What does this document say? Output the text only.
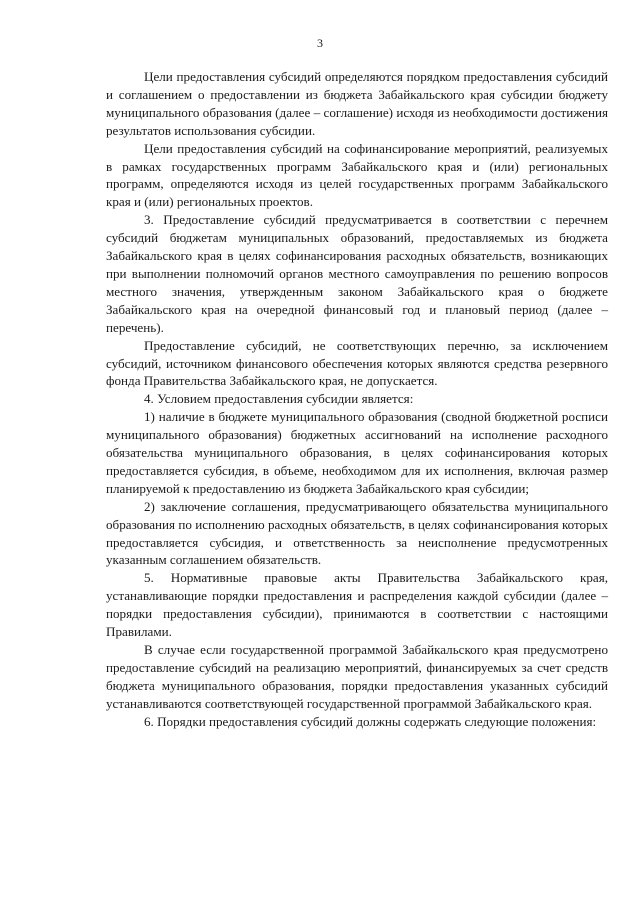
3

Цели предоставления субсидий определяются порядком предоставления субсидий и соглашением о предоставлении из бюджета Забайкальского края субсидии бюджету муниципального образования (далее – соглашение) исходя из необходимости достижения результатов использования субсидии.

Цели предоставления субсидий на софинансирование мероприятий, реализуемых в рамках государственных программ Забайкальского края и (или) региональных программ, определяются исходя из целей государственных программ Забайкальского края и (или) региональных проектов.

3. Предоставление субсидий предусматривается в соответствии с перечнем субсидий бюджетам муниципальных образований, предоставляемых из бюджета Забайкальского края в целях софинансирования расходных обязательств, возникающих при выполнении полномочий органов местного самоуправления по решению вопросов местного значения, утвержденным законом Забайкальского края о бюджете Забайкальского края на очередной финансовый год и плановый период (далее – перечень).

Предоставление субсидий, не соответствующих перечню, за исключением субсидий, источником финансового обеспечения которых являются средства резервного фонда Правительства Забайкальского края, не допускается.

4. Условием предоставления субсидии является:

1) наличие в бюджете муниципального образования (сводной бюджетной росписи муниципального образования) бюджетных ассигнований на исполнение расходного обязательства муниципального образования, в целях софинансирования которых предоставляется субсидия, в объеме, необходимом для их исполнения, включая размер планируемой к предоставлению из бюджета Забайкальского края субсидии;

2) заключение соглашения, предусматривающего обязательства муниципального образования по исполнению расходных обязательств, в целях софинансирования которых предоставляется субсидия, и ответственность за неисполнение предусмотренных указанным соглашением обязательств.

5. Нормативные правовые акты Правительства Забайкальского края, устанавливающие порядки предоставления и распределения каждой субсидии (далее – порядки предоставления субсидии), принимаются в соответствии с настоящими Правилами.

В случае если государственной программой Забайкальского края предусмотрено предоставление субсидий на реализацию мероприятий, финансируемых за счет средств бюджета муниципального образования, порядки предоставления указанных субсидий устанавливаются соответствующей государственной программой Забайкальского края.

6. Порядки предоставления субсидий должны содержать следующие положения:
